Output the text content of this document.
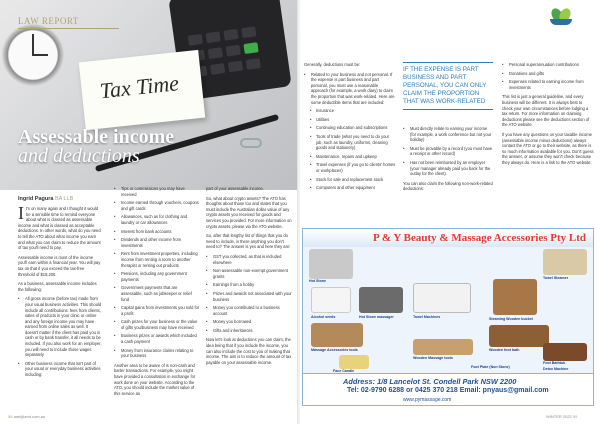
Tax Time
LAW REPORT
Assessable income
and deductions
Ingrid Pagura BA LLB

It's on many again and I thought it would be a sensible time to remind everyone about what is classed as assessable income and what is classed as acceptable deductions. In other words, what do you need to tell the ATO about what income you earn and what you can claim to reduce the amount of tax you'll need to pay.

Assessable income is most of the income you'll earn within a financial year. You will pay tax on that if you exceed the tax-free threshold of $18,200.

As a business, assessable income includes the following:

• All gross income (before tax) made from your usual business activities. This should include all contributions: fees from clients, sales of products in your clinic or online and any foreign income you may have earned from online sales as well. It doesn't matter if the client has paid you in cash or by bank transfer, it all needs to be included. If you also work for an employer, you will need to include those wages separately
• Other business income that isn't part of your usual or everyday business activities including:
• Tips or commissions you may have received
• Income earned through vouchers, coupons and gift cards
• Allowances, such as for clothing and laundry or car allowances
• Interest from bank accounts
• Dividends and other income from investments
• Rent from investment properties, including income from renting a room to another therapist or renting out products
• Pensions, including any government payments
• Government payments that are assessable, such as jobkeeper or relief fund
• Capital gains from investments you sold for a profit
• Cash prizes for your business or the value of gifts you/business may have received
• Business prizes or awards which included a cash payment
• Money from insurance claims relating to your business

Another area to be aware of is non-cash and barter transactions. For example, you might have provided a consultation in exchange for work done on your website. According to the ATO, you should include the market value of this service as

part of your assessable income.

So, what about crypto assets? The ATO has thoughts about those too and states that you must include the Australian dollar value of any crypto assets you received for goods and services you provided. For more information on crypto assets, please via the ATO website.

So, after that lengthy list of things that you do need to include, is there anything you don't need to? The answer is yes and here they are:

• GST you collected, as that is included elsewhere
• Non-assessable non-exempt government grants
• Earnings from a hobby
• Prizes and awards not associated with your business
• Money you contributed to a business account
• Money you borrowed
• Gifts and inheritances

Now let's look at deductions you can claim, the idea being that if you include the income, you can also include the cost to you of making that income. The aim is to reduce the amount of tax payable on your assessable income.

58 amt@amt.com.au

Generally, deductions must be:

• Related to your business and not personal. If the expense is part business and part personal, you must use a reasonable approach (for example, a work diary) to claim the proportion that was work-related. Here are some deductible items that are included:
• Insurance
• Utilities
• Continuing education and subscriptions
• Tools of trade (what you need to do your job, such as laundry, uniforms, cleaning goods and stationery)
• Maintenance, repairs and upkeep
• Travel expenses (if you go to clients' homes or workplaces)
• Stock for sale and replacement stock
• Computers and other equipment
IF THE EXPENSE IS PART BUSINESS AND PART PERSONAL, YOU CAN ONLY CLAIM THE PROPORTION THAT WAS WORK-RELATED
• Must directly relate to earning your income (for example, a work conference but not your holiday)
• Must be provable by a record (you must have a receipt or other record)
• Has not been reimbursed by an employer (your manager already paid you back for the outlay for the client).

You can also claim the following non-work-related deductions:

• Personal superannuation contributions
• Donations and gifts
• Expenses related to earning income from investments

This list is just a general guideline, and every business will be different. It is always best to check your own circumstances before lodging a tax return. For more information on claiming deductions please see the deductions section of the ATO website.

If you have any questions on your taxable income (assessable income minus deductions) always contact the ATO or go to their website, as there is so much information available for you. Don't guess the answer, or assume they won't check because they always do. Here is a link to the ATO website:

WINTER 2022 59
P & Y Beauty & Massage Accessories Pty Ltd
Hot Stone
Towel Steamer
Alcohol seeds	Hot Stone massager	Towel Machines	Steaming Wooden bucket
Massage Accessories tools	Wooden foot bath
Foot Bathtub
Wooden Massage tools
Face Candle
Foot Plate (Non Stone)	Detox Machine
Address: 1/8 Lancelot St. Condell Park NSW 2200
Tel: 02-9790 6288 or 0425 370 218 Email: pnyaus@gmail.com
www.pymassage.com
